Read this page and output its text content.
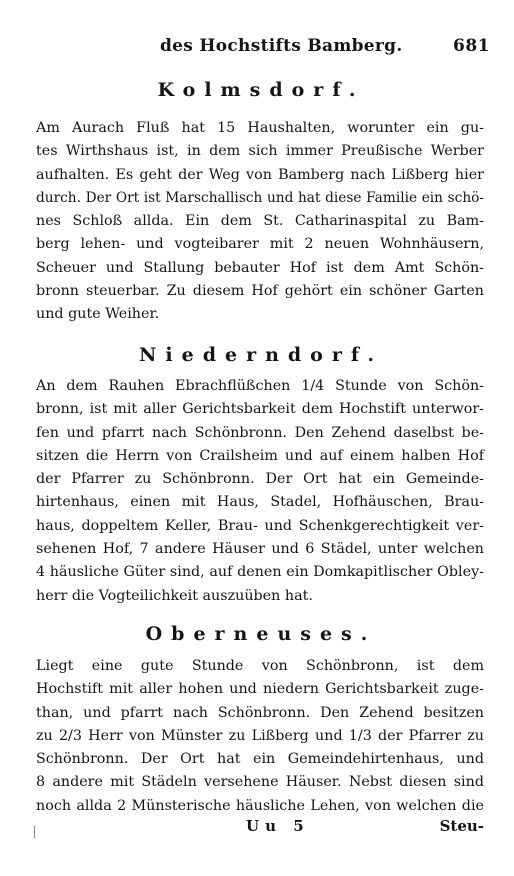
des Hochstifts Bamberg.	681
Kolmsdorf.
Am Aurach Fluß hat 15 Haushalten, worunter ein gu-
tes Wirthshaus ist, in dem sich immer Preußische Werber
aufhalten. Es geht der Weg von Bamberg nach Lißberg hier
durch. Der Ort ist Marschallisch und hat diese Familie ein schö-
nes Schloß allda. Ein dem St. Catharinaspital zu Bam-
berg lehen- und vogteibarer mit 2 neuen Wohnhäusern,
Scheuer und Stallung bebauter Hof ist dem Amt Schön-
bronn steuerbar. Zu diesem Hof gehört ein schöner Garten
und gute Weiher.
Niederndorf.
An dem Rauhen Ebrachflüßchen 1/4 Stunde von Schön-
bronn, ist mit aller Gerichtsbarkeit dem Hochstift unterwor-
fen und pfarrt nach Schönbronn. Den Zehend daselbst be-
sitzen die Herrn von Crailsheim und auf einem halben Hof
der Pfarrer zu Schönbronn. Der Ort hat ein Gemeinde-
hirtenhaus, einen mit Haus, Stadel, Hofhäuschen, Brau-
haus, doppeltem Keller, Brau- und Schenkgerechtigkeit ver-
sehenen Hof, 7 andere Häuser und 6 Städel, unter welchen
4 häusliche Güter sind, auf denen ein Domkapitlischer Obley-
herr die Vogteilichkeit auszuüben hat.
Oberneuses.
Liegt eine gute Stunde von Schönbronn, ist dem
Hochstift mit aller hohen und niedern Gerichtsbarkeit zuge-
than, und pfarrt nach Schönbronn. Den Zehend besitzen
zu 2/3 Herr von Münster zu Lißberg und 1/3 der Pfarrer zu
Schönbronn. Der Ort hat ein Gemeindehirtenhaus, und
8 andere mit Städeln versehene Häuser. Nebst diesen sind
noch allda 2 Münsterische häusliche Lehen, von welchen die
Uu 5	Steu-
